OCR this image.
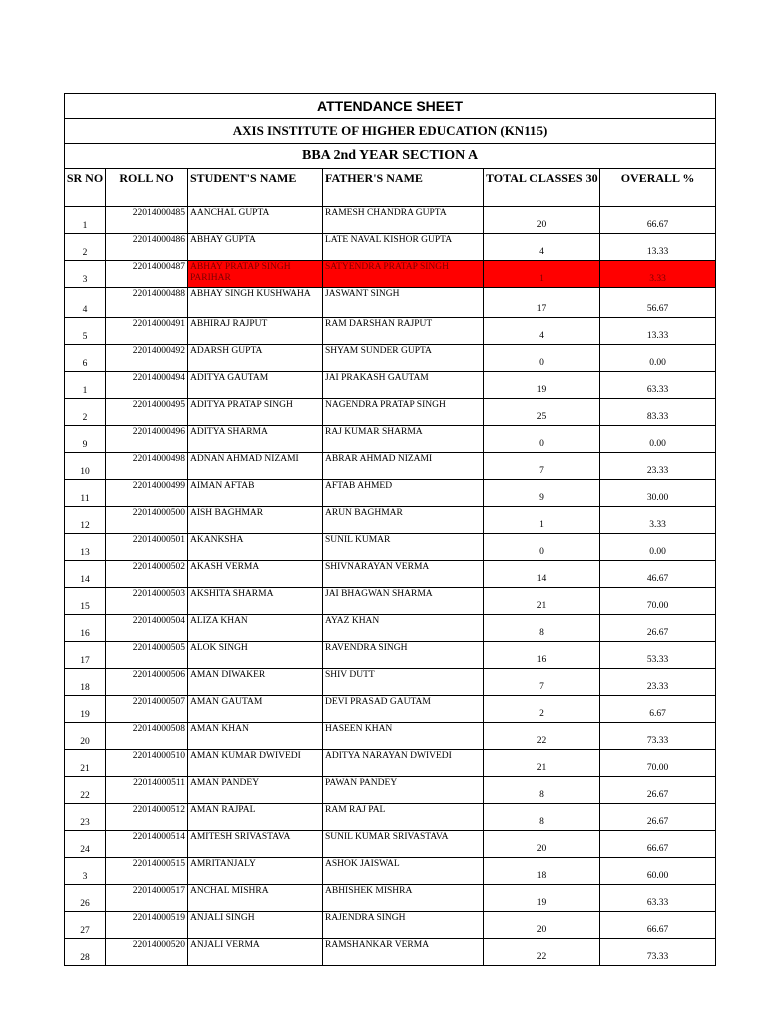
ATTENDANCE SHEET					
AXIS INSTITUTE OF HIGHER EDUCATION (KN115)					
BBA 2nd YEAR SECTION A					
SR NO	ROLL NO	STUDENT'S NAME	FATHER'S NAME	TOTAL CLASSES 30	OVERALL %
1	22014000485	AANCHAL GUPTA	RAMESH CHANDRA GUPTA	20	66.67
2	22014000486	ABHAY GUPTA	LATE NAVAL KISHOR GUPTA	4	13.33
3	22014000487	ABHAY PRATAP SINGH PARIHAR	SATYENDRA PRATAP SINGH	1	3.33
4	22014000488	ABHAY SINGH KUSHWAHA	JASWANT SINGH	17	56.67
5	22014000491	ABHIRAJ RAJPUT	RAM DARSHAN RAJPUT	4	13.33
6	22014000492	ADARSH GUPTA	SHYAM SUNDER GUPTA	0	0.00
1	22014000494	ADITYA GAUTAM	JAI PRAKASH GAUTAM	19	63.33
2	22014000495	ADITYA PRATAP SINGH	NAGENDRA PRATAP SINGH	25	83.33
9	22014000496	ADITYA SHARMA	RAJ KUMAR SHARMA	0	0.00
10	22014000498	ADNAN AHMAD NIZAMI	ABRAR AHMAD NIZAMI	7	23.33
11	22014000499	AIMAN AFTAB	AFTAB AHMED	9	30.00
12	22014000500	AISH BAGHMAR	ARUN BAGHMAR	1	3.33
13	22014000501	AKANKSHA	SUNIL KUMAR	0	0.00
14	22014000502	AKASH VERMA	SHIVNARAYAN VERMA	14	46.67
15	22014000503	AKSHITA SHARMA	JAI BHAGWAN SHARMA	21	70.00
16	22014000504	ALIZA KHAN	AYAZ KHAN	8	26.67
17	22014000505	ALOK SINGH	RAVENDRA SINGH	16	53.33
18	22014000506	AMAN DIWAKER	SHIV DUTT	7	23.33
19	22014000507	AMAN GAUTAM	DEVI PRASAD GAUTAM	2	6.67
20	22014000508	AMAN KHAN	HASEEN KHAN	22	73.33
21	22014000510	AMAN KUMAR DWIVEDI	ADITYA NARAYAN DWIVEDI	21	70.00
22	22014000511	AMAN PANDEY	PAWAN PANDEY	8	26.67
23	22014000512	AMAN RAJPAL	RAM RAJ PAL	8	26.67
24	22014000514	AMITESH SRIVASTAVA	SUNIL KUMAR SRIVASTAVA	20	66.67
3	22014000515	AMRITANJALY	ASHOK JAISWAL	18	60.00
26	22014000517	ANCHAL MISHRA	ABHISHEK MISHRA	19	63.33
27	22014000519	ANJALI SINGH	RAJENDRA SINGH	20	66.67
28	22014000520	ANJALI VERMA	RAMSHANKAR VERMA	22	73.33
